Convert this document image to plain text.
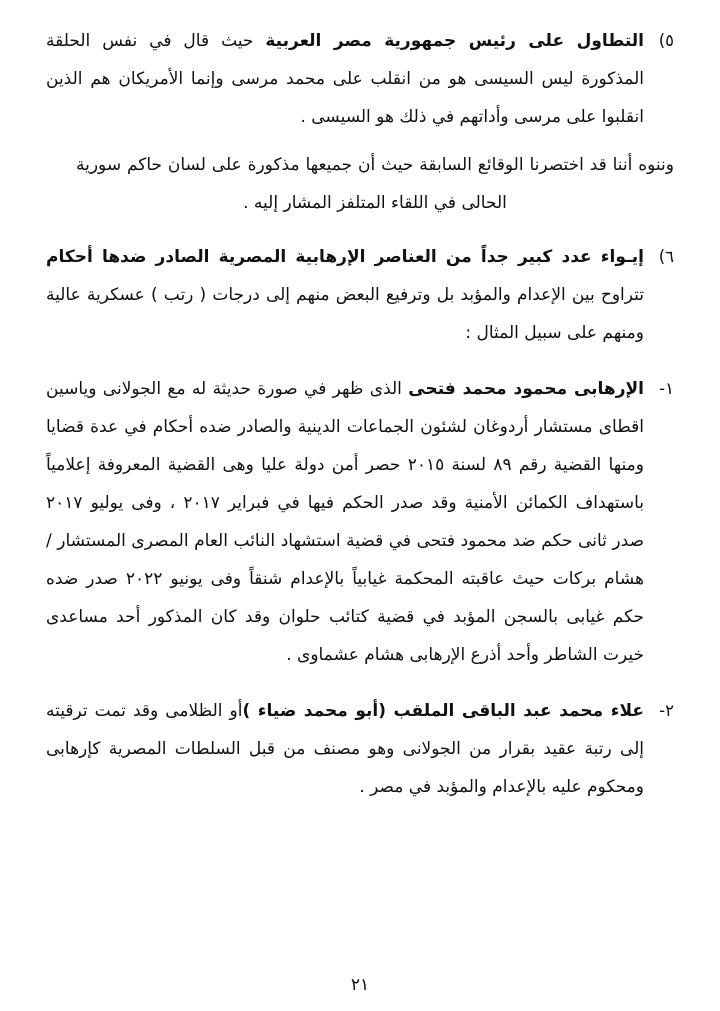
٥)
التطاول على رئيس جمهورية مصر العربية حيث قال في نفس الحلقة المذكورة ليس السيسى هو من انقلب على محمد مرسى وإنما الأمريكان هم الذين انقلبوا على مرسى وأداتهم في ذلك هو السيسى .

وننوه أننا قد اختصرنا الوقائع السابقة حيث أن جميعها مذكورة على لسان حاكم سورية الحالى في اللقاء المتلفز المشار إليه .

٦)
إيـواء عدد كبير جداً من العناصر الإرهابية المصرية الصادر ضدها أحكام تتراوح بين الإعدام والمؤبد بل وترفيع البعض منهم إلى درجات ( رتب ) عسكرية عالية ومنهم على سبيل المثال :
١-
الإرهابى محمود محمد فتحى الذى ظهر في صورة حديثة له مع الجولانى وياسين اقطاى مستشار أردوغان لشئون الجماعات الدينية والصادر ضده أحكام في عدة قضايا ومنها القضية رقم ٨٩ لسنة ٢٠١٥ حصر أمن دولة عليا وهى القضية المعروفة إعلامياً باستهداف الكمائن الأمنية وقد صدر الحكم فيها في فبراير ٢٠١٧ ، وفى يوليو ٢٠١٧ صدر ثانى حكم ضد محمود فتحى في قضية استشهاد النائب العام المصرى المستشار / هشام بركات حيث عاقبته المحكمة غيابياً بالإعدام شنقاً وفى يونيو ٢٠٢٢ صدر ضده حكم غيابى بالسجن المؤبد في قضية كتائب حلوان وقد كان المذكور أحد مساعدى خيرت الشاطر وأحد أذرع الإرهابى هشام عشماوى .
٢-
علاء محمد عبد الباقى الملقب (أبو محمد ضياء )أو الظلامى وقد تمت ترقيته إلى رتبة عقيد بقرار من الجولانى وهو مصنف من قبل السلطات المصرية كإرهابى ومحكوم عليه بالإعدام والمؤبد في مصر .
٢١
